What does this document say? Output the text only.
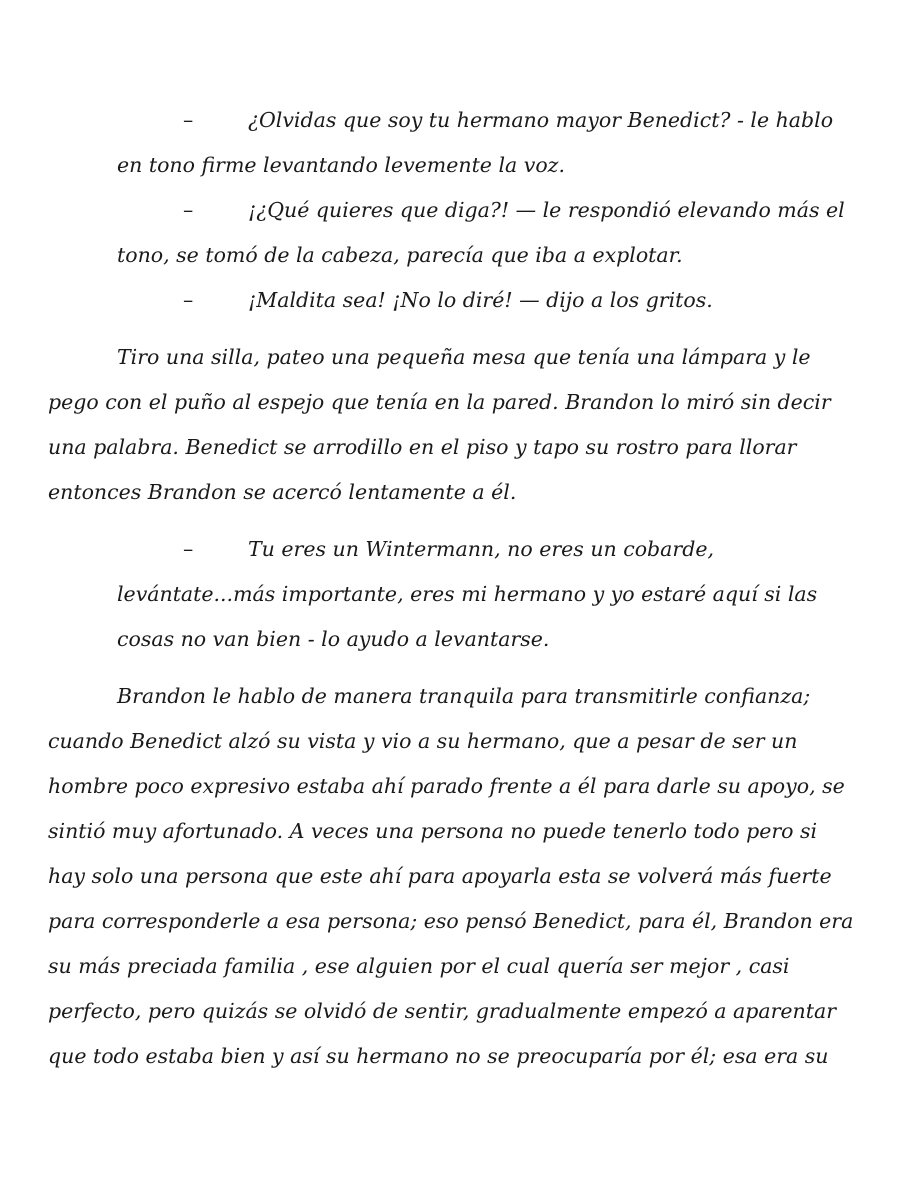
–	¿Olvidas que soy tu hermano mayor Benedict? - le hablo
en tono firme levantando levemente la voz.
–	¡¿Qué quieres que diga?! — le respondió elevando más el
tono, se tomó de la cabeza, parecía que iba a explotar.
–	¡Maldita sea! ¡No lo diré! — dijo a los gritos.
Tiro una silla, pateo una pequeña mesa que tenía una lámpara y le
pego con el puño al espejo que tenía en la pared. Brandon lo miró sin decir
una palabra. Benedict se arrodillo en el piso y tapo su rostro para llorar
entonces Brandon se acercó lentamente a él.
–	Tu eres un Wintermann, no eres un cobarde,
levántate...más importante, eres mi hermano y yo estaré aquí si las
cosas no van bien - lo ayudo a levantarse.
Brandon le hablo de manera tranquila para transmitirle confianza;
cuando Benedict alzó su vista y vio a su hermano, que a pesar de ser un
hombre poco expresivo estaba ahí parado frente a él para darle su apoyo, se
sintió muy afortunado. A veces una persona no puede tenerlo todo pero si
hay solo una persona que este ahí para apoyarla esta se volverá más fuerte
para corresponderle a esa persona; eso pensó Benedict, para él, Brandon era
su más preciada familia , ese alguien por el cual quería ser mejor , casi
perfecto, pero quizás se olvidó de sentir, gradualmente empezó a aparentar
que todo estaba bien y así su hermano no se preocuparía por él; esa era su
